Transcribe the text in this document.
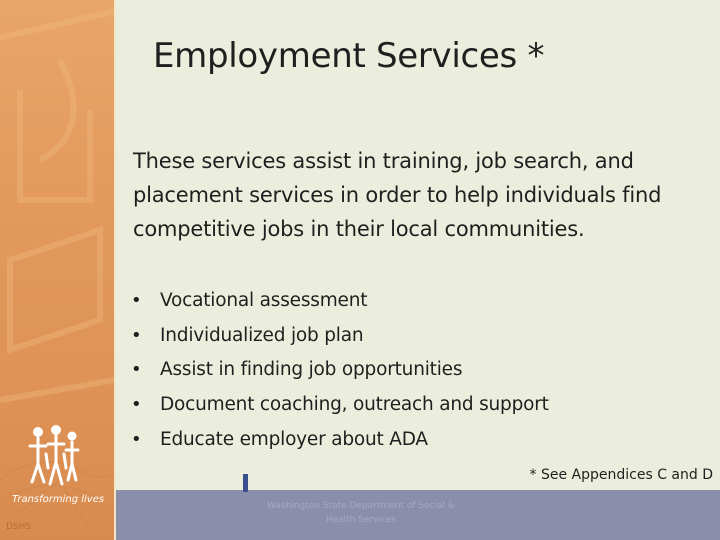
Transforming lives
DSHS
Employment Services *
These services assist in training, job search, and placement services in order to help individuals find competitive jobs in their local communities.
•	Vocational assessment
•	Individualized job plan
•	Assist in finding job opportunities
•	Document coaching, outreach and support
•	Educate employer about ADA
* See Appendices C and D
Washington State Department of Social &
Health Services
